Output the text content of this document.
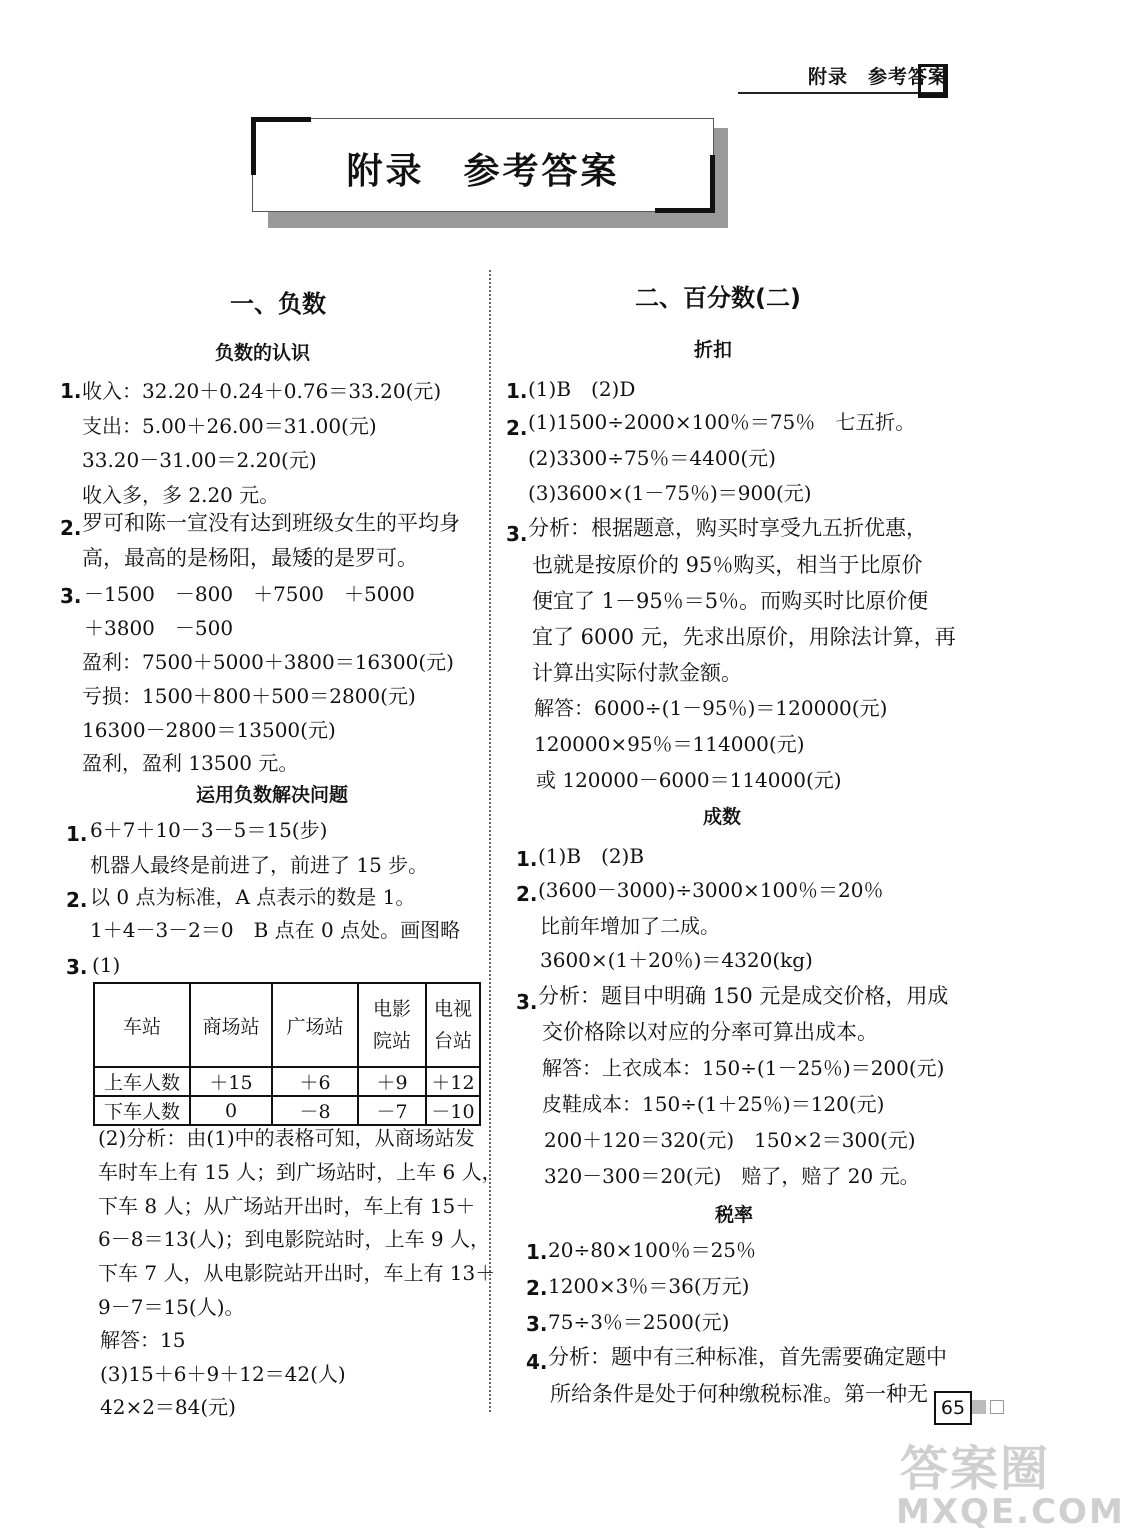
附录　参考答案
附录　参考答案
一、负数
负数的认识
1. 收入：32.20＋0.24＋0.76＝33.20(元)
支出：5.00＋26.00＝31.00(元)
33.20－31.00＝2.20(元)
收入多，多 2.20 元。
2. 罗可和陈一宣没有达到班级女生的平均身
高，最高的是杨阳，最矮的是罗可。
3. －1500　－800　＋7500　＋5000
＋3800　－500
盈利：7500＋5000＋3800＝16300(元)
亏损：1500＋800＋500＝2800(元)
16300－2800＝13500(元)
盈利，盈利 13500 元。
运用负数解决问题
1. 6＋7＋10－3－5＝15(步)
机器人最终是前进了，前进了 15 步。
2. 以 0 点为标准，A 点表示的数是 1。
1＋4－3－2＝0　B 点在 0 点处。画图略
3. (1)
车站	商场站	广场站	电影院站	电视台站
上车人数	＋15	＋6	＋9	＋12
下车人数	0	－8	－7	－10
(2)分析：由(1)中的表格可知，从商场站发
车时车上有 15 人；到广场站时，上车 6 人，
下车 8 人；从广场站开出时，车上有 15＋
6－8＝13(人)；到电影院站时，上车 9 人，
下车 7 人，从电影院站开出时，车上有 13＋
9－7＝15(人)。
解答：15
(3)15＋6＋9＋12＝42(人)
42×2＝84(元)
二、百分数(二)
折扣
1. (1)B　(2)D
2. (1)1500÷2000×100％＝75％　七五折。
(2)3300÷75％＝4400(元)
(3)3600×(1－75％)＝900(元)
3. 分析：根据题意，购买时享受九五折优惠，
也就是按原价的 95％购买，相当于比原价
便宜了 1－95％＝5％。而购买时比原价便
宜了 6000 元，先求出原价，用除法计算，再
计算出实际付款金额。
解答：6000÷(1－95％)＝120000(元)
120000×95％＝114000(元)
或 120000－6000＝114000(元)
成数
1. (1)B　(2)B
2. (3600－3000)÷3000×100％＝20％
比前年增加了二成。
3600×(1＋20％)＝4320(kg)
3. 分析：题目中明确 150 元是成交价格，用成
交价格除以对应的分率可算出成本。
解答：上衣成本：150÷(1－25％)＝200(元)
皮鞋成本：150÷(1＋25％)＝120(元)
200＋120＝320(元)　150×2＝300(元)
320－300＝20(元)　赔了，赔了 20 元。
税率
1. 20÷80×100％＝25％
2. 1200×3％＝36(万元)
3. 75÷3％＝2500(元)
4. 分析：题中有三种标准，首先需要确定题中
所给条件是处于何种缴税标准。第一种无
65
答案圈
MXQE.COM
